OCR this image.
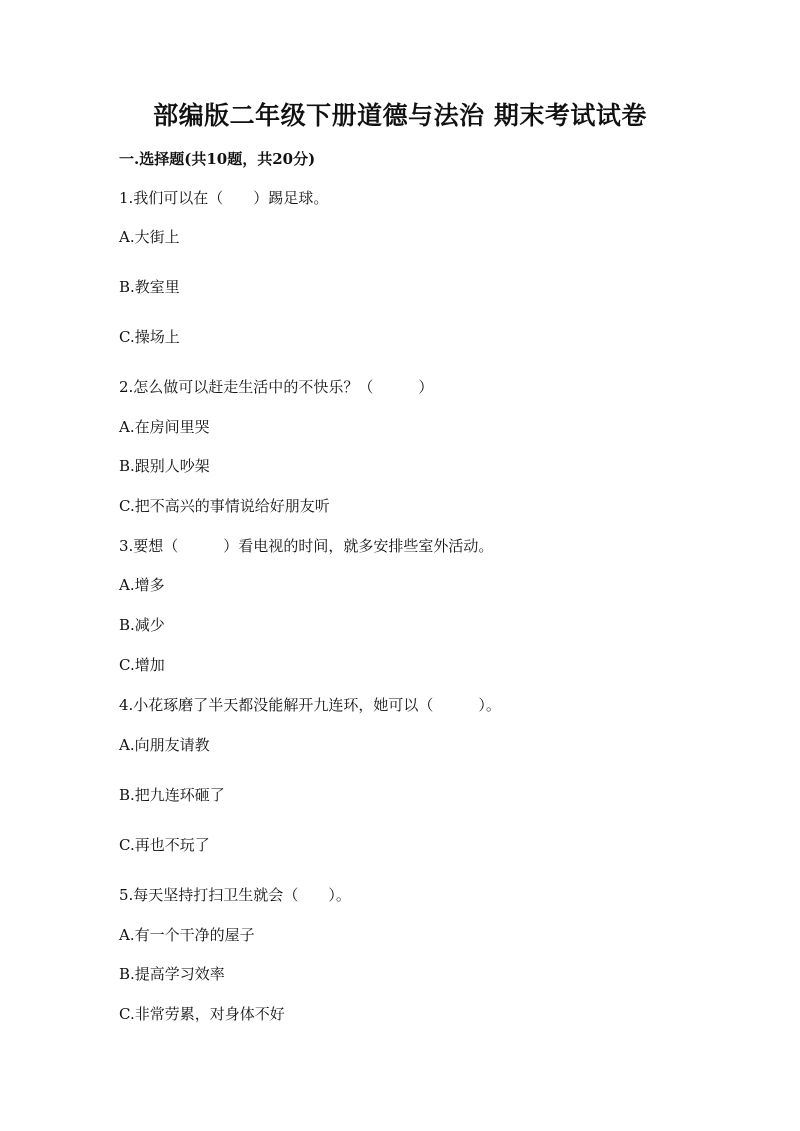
部编版二年级下册道德与法治 期末考试试卷
一.选择题(共10题，共20分)
1.我们可以在（　　）踢足球。
A.大街上
B.教室里
C.操场上
2.怎么做可以赶走生活中的不快乐？（　　　）
A.在房间里哭
B.跟别人吵架
C.把不高兴的事情说给好朋友听
3.要想（　　　）看电视的时间，就多安排些室外活动。
A.增多
B.减少
C.增加
4.小花琢磨了半天都没能解开九连环，她可以（　　　）。
A.向朋友请教
B.把九连环砸了
C.再也不玩了
5.每天坚持打扫卫生就会（　　）。
A.有一个干净的屋子
B.提高学习效率
C.非常劳累，对身体不好
